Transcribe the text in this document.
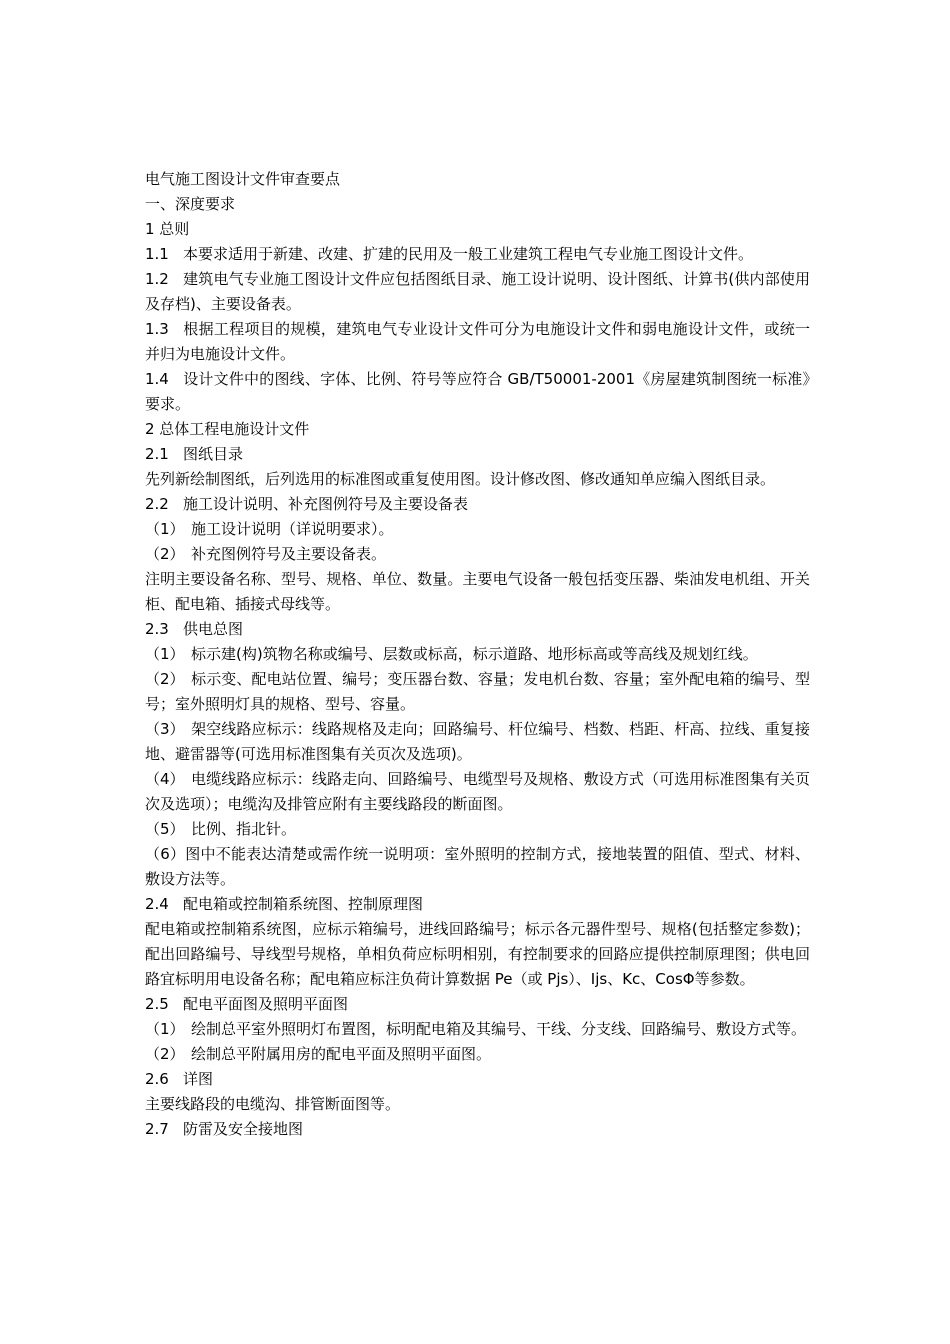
电气施工图设计文件审查要点

一、深度要求

1 总则

1.1 本要求适用于新建、改建、扩建的民用及一般工业建筑工程电气专业施工图设计文件。

1.2 建筑电气专业施工图设计文件应包括图纸目录、施工设计说明、设计图纸、计算书(供内部使用及存档)、主要设备表。

1.3 根据工程项目的规模，建筑电气专业设计文件可分为电施设计文件和弱电施设计文件，或统一并归为电施设计文件。

1.4 设计文件中的图线、字体、比例、符号等应符合 GB/T50001-2001《房屋建筑制图统一标准》要求。

2 总体工程电施设计文件

2.1 图纸目录

先列新绘制图纸，后列选用的标准图或重复使用图。设计修改图、修改通知单应编入图纸目录。

2.2 施工设计说明、补充图例符号及主要设备表

（1） 施工设计说明（详说明要求）。

（2） 补充图例符号及主要设备表。

注明主要设备名称、型号、规格、单位、数量。主要电气设备一般包括变压器、柴油发电机组、开关柜、配电箱、插接式母线等。

2.3 供电总图

（1） 标示建(构)筑物名称或编号、层数或标高，标示道路、地形标高或等高线及规划红线。

（2） 标示变、配电站位置、编号；变压器台数、容量；发电机台数、容量；室外配电箱的编号、型号；室外照明灯具的规格、型号、容量。

（3） 架空线路应标示：线路规格及走向；回路编号、杆位编号、档数、档距、杆高、拉线、重复接地、避雷器等(可选用标准图集有关页次及选项)。

（4） 电缆线路应标示：线路走向、回路编号、电缆型号及规格、敷设方式（可选用标准图集有关页次及选项）；电缆沟及排管应附有主要线路段的断面图。

（5） 比例、指北针。

（6）图中不能表达清楚或需作统一说明项：室外照明的控制方式，接地装置的阻值、型式、材料、敷设方法等。

2.4 配电箱或控制箱系统图、控制原理图

配电箱或控制箱系统图，应标示箱编号，进线回路编号；标示各元器件型号、规格(包括整定参数)；配出回路编号、导线型号规格，单相负荷应标明相别，有控制要求的回路应提供控制原理图；供电回路宜标明用电设备名称；配电箱应标注负荷计算数据 Pe（或 Pjs）、Ijs、Kc、CosΦ等参数。

2.5 配电平面图及照明平面图

（1） 绘制总平室外照明灯布置图，标明配电箱及其编号、干线、分支线、回路编号、敷设方式等。

（2） 绘制总平附属用房的配电平面及照明平面图。

2.6 详图

主要线路段的电缆沟、排管断面图等。

2.7 防雷及安全接地图
